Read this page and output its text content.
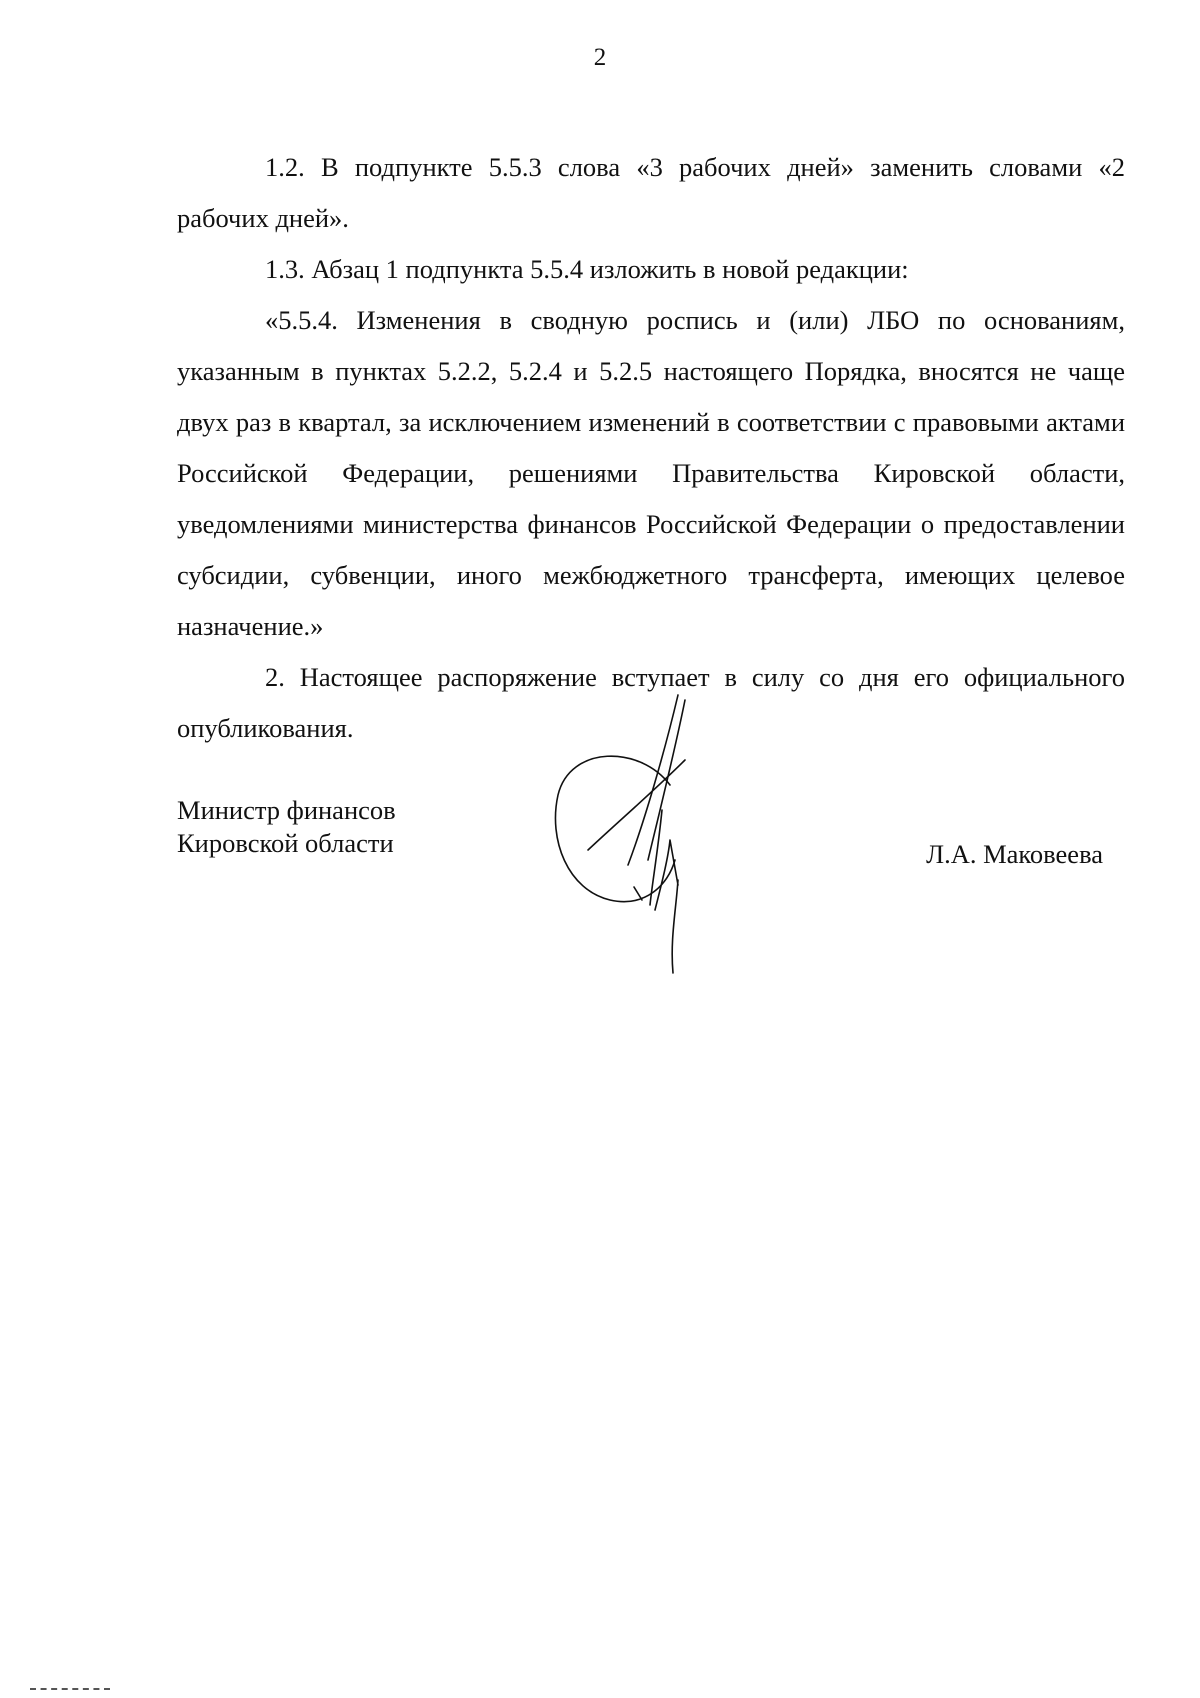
2

1.2. В подпункте 5.5.3 слова «3 рабочих дней» заменить словами «2 рабочих дней».

1.3. Абзац 1 подпункта 5.5.4 изложить в новой редакции:

«5.5.4. Изменения в сводную роспись и (или) ЛБО по основаниям, указанным в пунктах 5.2.2, 5.2.4 и 5.2.5 настоящего Порядка, вносятся не чаще двух раз в квартал, за исключением изменений в соответствии с правовыми актами Российской Федерации, решениями Правительства Кировской области, уведомлениями министерства финансов Российской Федерации о предоставлении субсидии, субвенции, иного межбюджетного трансферта, имеющих целевое назначение.»

2. Настоящее распоряжение вступает в силу со дня его официального опубликования.

Министр финансов
Кировской области	Л.А. Маковеева
